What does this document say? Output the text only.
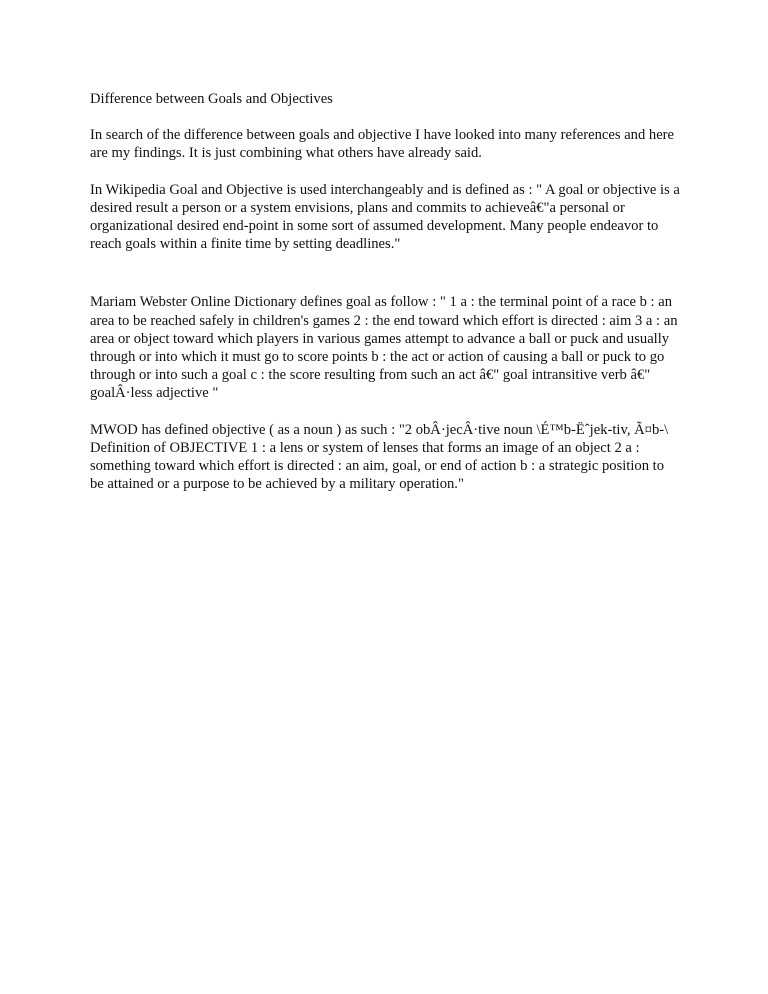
Difference between Goals and Objectives

In search of the difference between goals and objective I have looked into many references and here are my findings. It is just combining what others have already said.

In Wikipedia Goal and Objective is used interchangeably and is defined as : " A goal or objective is a desired result a person or a system envisions, plans and commits to achieveâ€"a personal or organizational desired end-point in some sort of assumed development. Many people endeavor to reach goals within a finite time by setting deadlines."

Mariam Webster Online Dictionary defines goal as follow : " 1 a : the terminal point of a race b : an area to be reached safely in children's games 2 : the end toward which effort is directed : aim 3 a : an area or object toward which players in various games attempt to advance a ball or puck and usually through or into which it must go to score points b : the act or action of causing a ball or puck to go through or into such a goal c : the score resulting from such an act â€" goal intransitive verb â€" goalÂ·less adjective "

MWOD has defined objective ( as a noun ) as such : "2 obÂ·jecÂ·tive noun \É™b-Ëˆjek-tiv, Ã¤b-\ Definition of OBJECTIVE 1 : a lens or system of lenses that forms an image of an object 2 a : something toward which effort is directed : an aim, goal, or end of action b : a strategic position to be attained or a purpose to be achieved by a military operation."
